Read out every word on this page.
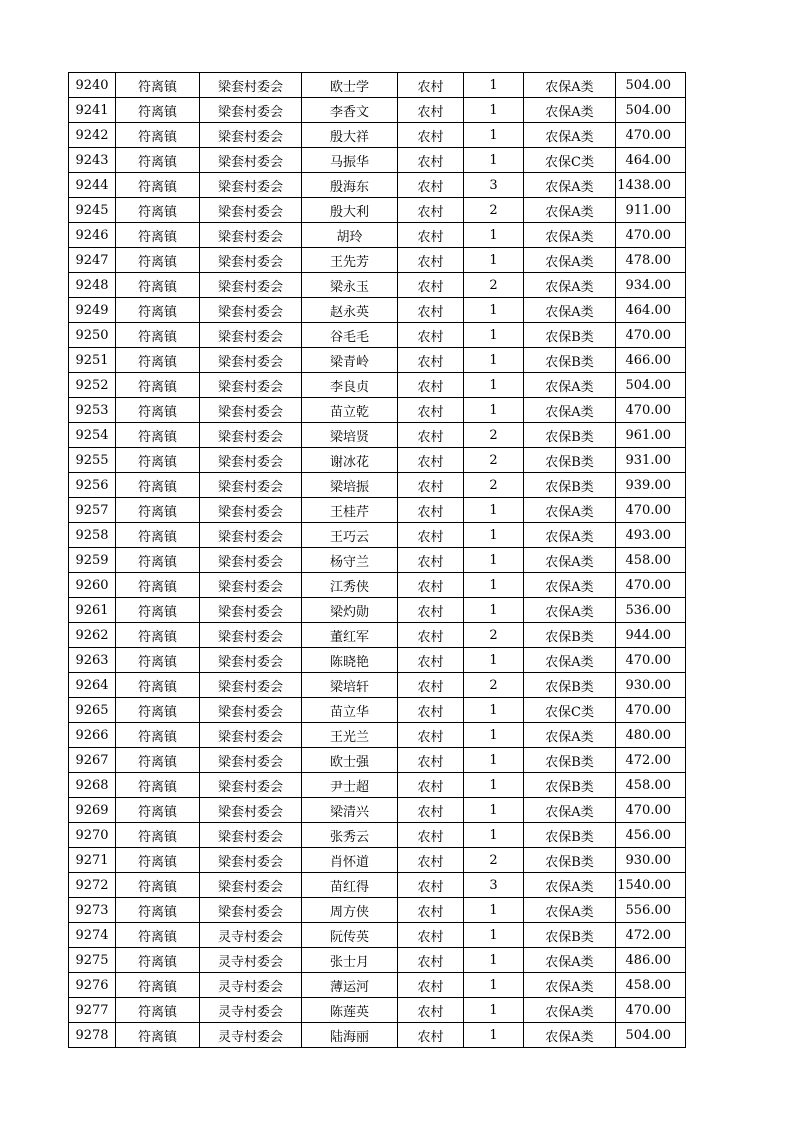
9240	符离镇	梁套村委会	欧士学	农村	1	农保A类	504.00
9241	符离镇	梁套村委会	李香文	农村	1	农保A类	504.00
9242	符离镇	梁套村委会	殷大祥	农村	1	农保A类	470.00
9243	符离镇	梁套村委会	马振华	农村	1	农保C类	464.00
9244	符离镇	梁套村委会	殷海东	农村	3	农保A类	1438.00
9245	符离镇	梁套村委会	殷大利	农村	2	农保A类	911.00
9246	符离镇	梁套村委会	胡玲	农村	1	农保A类	470.00
9247	符离镇	梁套村委会	王先芳	农村	1	农保A类	478.00
9248	符离镇	梁套村委会	梁永玉	农村	2	农保A类	934.00
9249	符离镇	梁套村委会	赵永英	农村	1	农保A类	464.00
9250	符离镇	梁套村委会	谷毛毛	农村	1	农保B类	470.00
9251	符离镇	梁套村委会	梁青岭	农村	1	农保B类	466.00
9252	符离镇	梁套村委会	李良贞	农村	1	农保A类	504.00
9253	符离镇	梁套村委会	苗立乾	农村	1	农保A类	470.00
9254	符离镇	梁套村委会	梁培贤	农村	2	农保B类	961.00
9255	符离镇	梁套村委会	谢冰花	农村	2	农保B类	931.00
9256	符离镇	梁套村委会	梁培振	农村	2	农保B类	939.00
9257	符离镇	梁套村委会	王桂芹	农村	1	农保A类	470.00
9258	符离镇	梁套村委会	王巧云	农村	1	农保A类	493.00
9259	符离镇	梁套村委会	杨守兰	农村	1	农保A类	458.00
9260	符离镇	梁套村委会	江秀侠	农村	1	农保A类	470.00
9261	符离镇	梁套村委会	梁灼勋	农村	1	农保A类	536.00
9262	符离镇	梁套村委会	董红军	农村	2	农保B类	944.00
9263	符离镇	梁套村委会	陈晓艳	农村	1	农保A类	470.00
9264	符离镇	梁套村委会	梁培轩	农村	2	农保B类	930.00
9265	符离镇	梁套村委会	苗立华	农村	1	农保C类	470.00
9266	符离镇	梁套村委会	王光兰	农村	1	农保A类	480.00
9267	符离镇	梁套村委会	欧士强	农村	1	农保B类	472.00
9268	符离镇	梁套村委会	尹士超	农村	1	农保B类	458.00
9269	符离镇	梁套村委会	梁清兴	农村	1	农保A类	470.00
9270	符离镇	梁套村委会	张秀云	农村	1	农保B类	456.00
9271	符离镇	梁套村委会	肖怀道	农村	2	农保B类	930.00
9272	符离镇	梁套村委会	苗红得	农村	3	农保A类	1540.00
9273	符离镇	梁套村委会	周方侠	农村	1	农保A类	556.00
9274	符离镇	灵寺村委会	阮传英	农村	1	农保B类	472.00
9275	符离镇	灵寺村委会	张士月	农村	1	农保A类	486.00
9276	符离镇	灵寺村委会	薄运河	农村	1	农保A类	458.00
9277	符离镇	灵寺村委会	陈莲英	农村	1	农保A类	470.00
9278	符离镇	灵寺村委会	陆海丽	农村	1	农保A类	504.00
